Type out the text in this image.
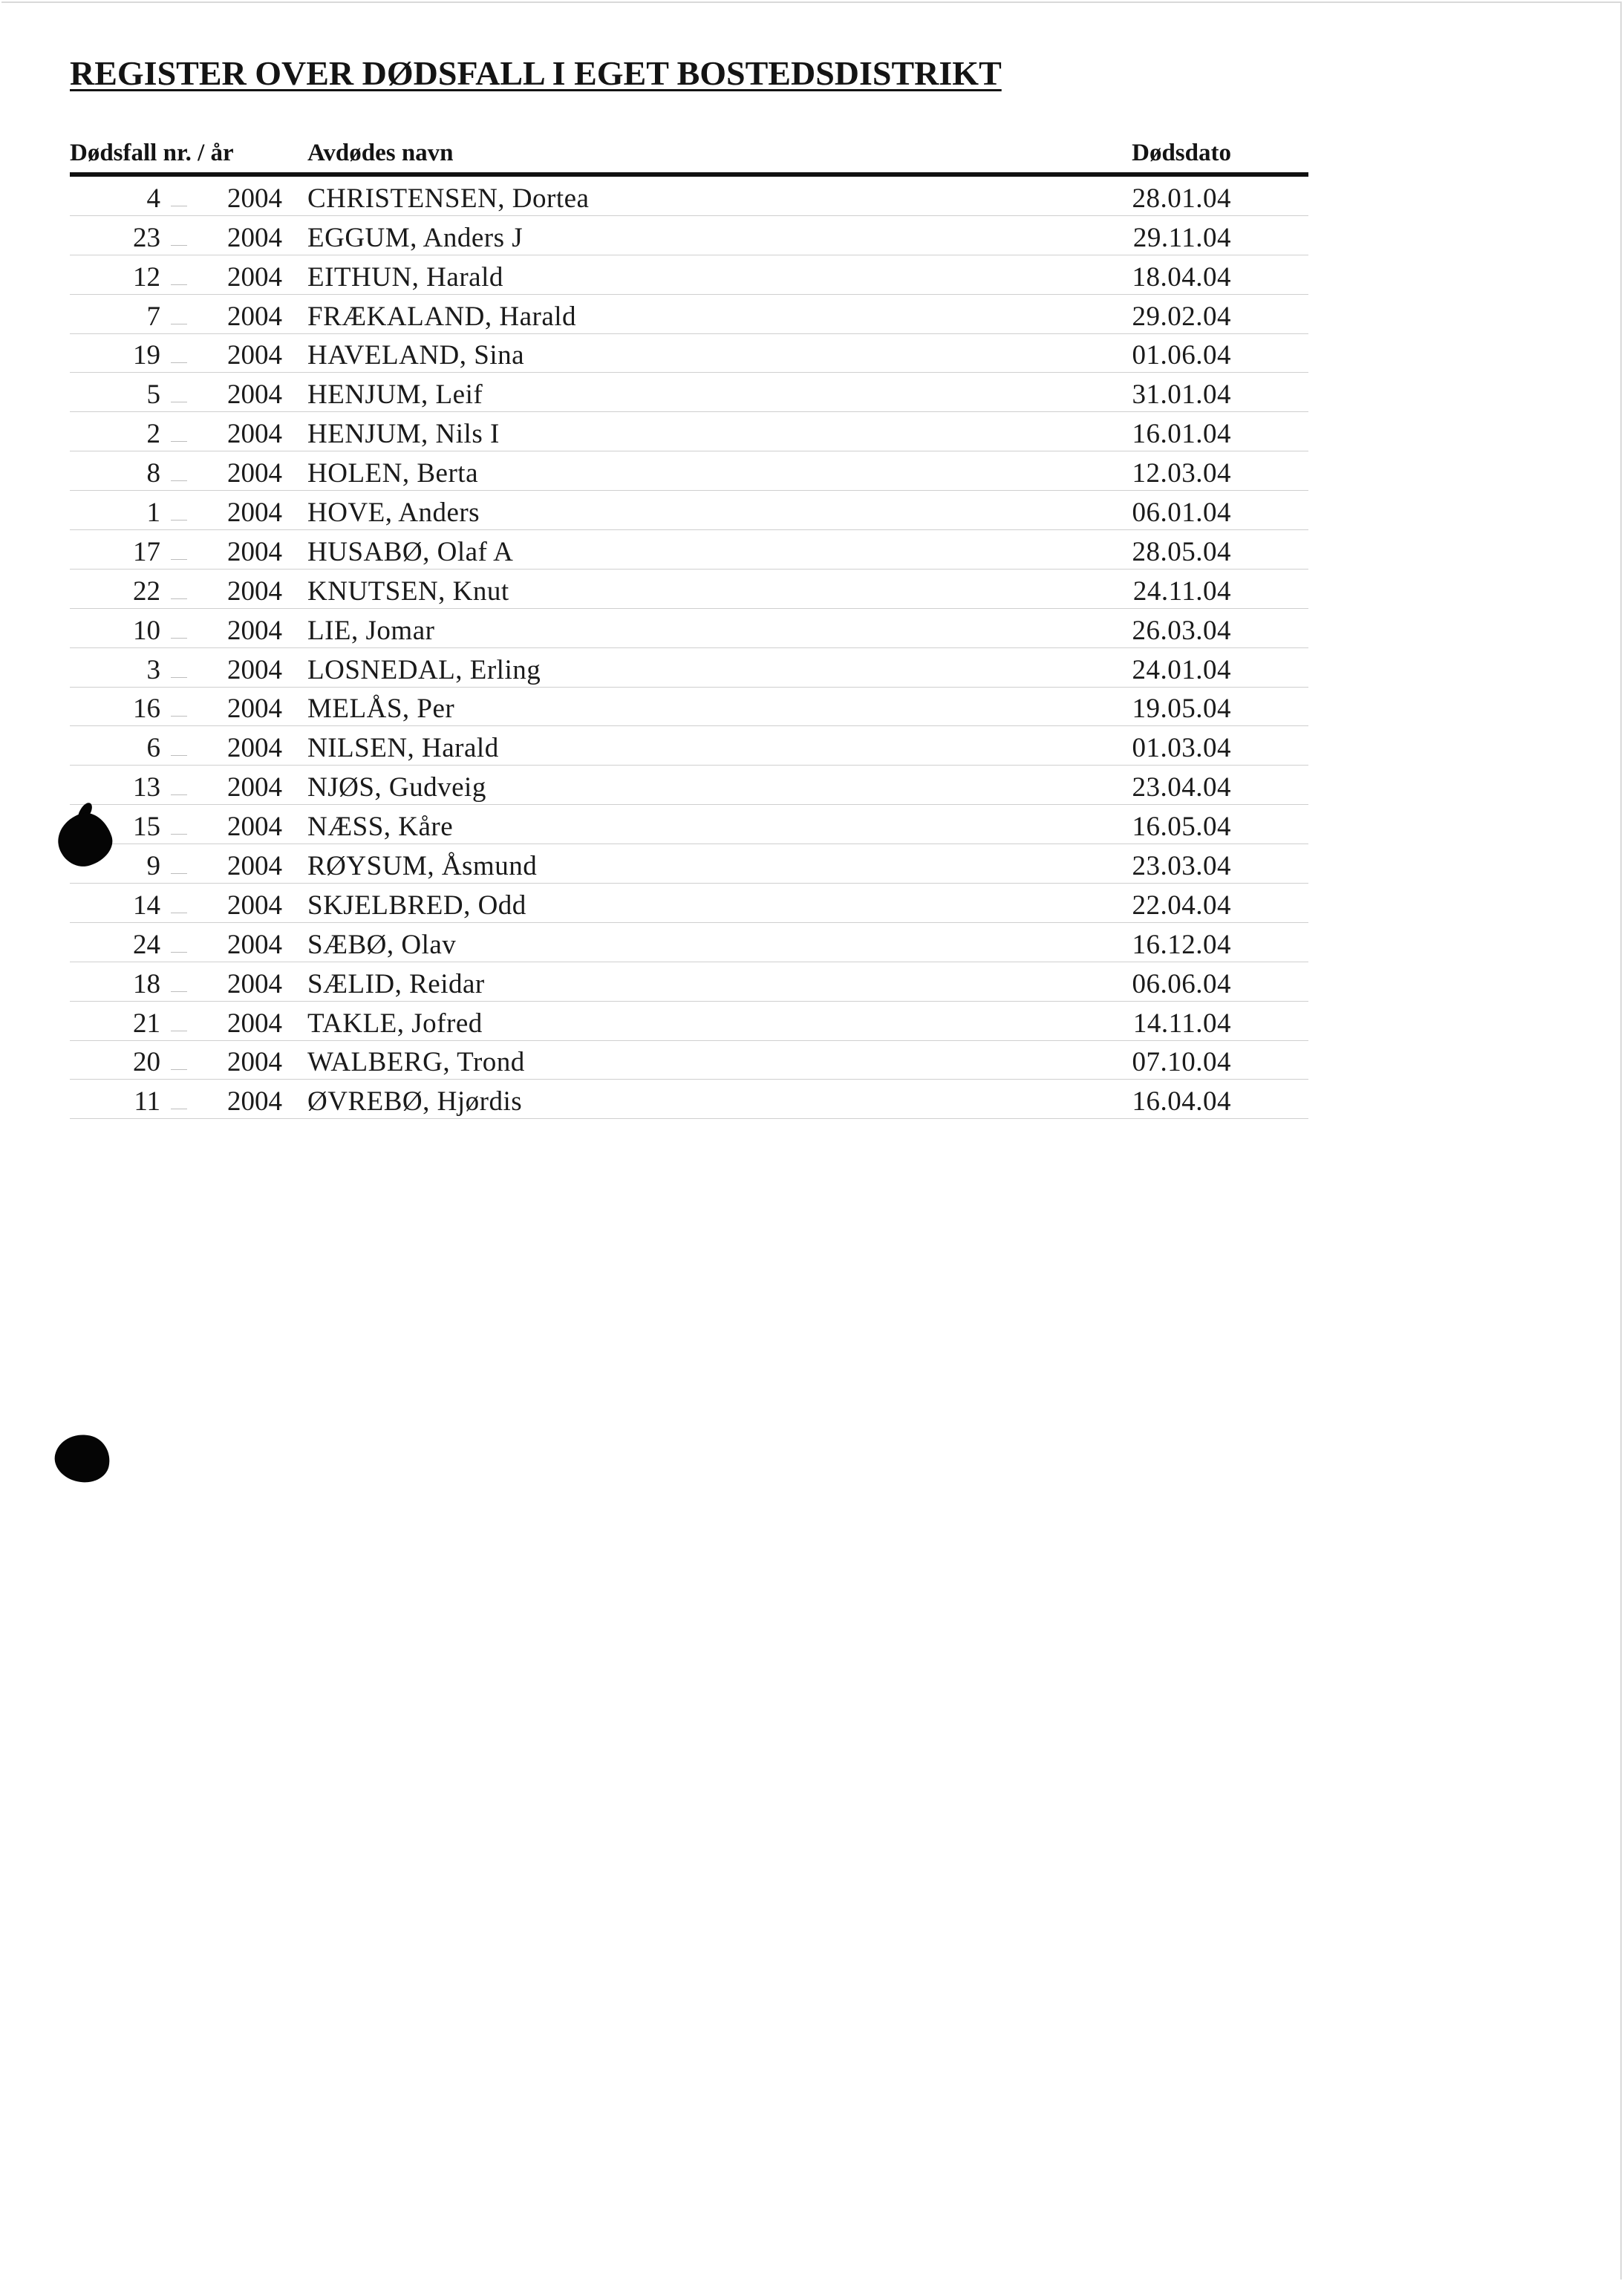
REGISTER OVER DØDSFALL I EGET BOSTEDSDISTRIKT
Dødsfall nr. / år	Avdødes navn	Dødsdato
4 2004 CHRISTENSEN, Dortea	28.01.04
23 2004 EGGUM, Anders J	29.11.04
12 2004 EITHUN, Harald	18.04.04
7 2004 FRÆKALAND, Harald	29.02.04
19 2004 HAVELAND, Sina	01.06.04
5 2004 HENJUM, Leif	31.01.04
2 2004 HENJUM, Nils I	16.01.04
8 2004 HOLEN, Berta	12.03.04
1 2004 HOVE, Anders	06.01.04
17 2004 HUSABØ, Olaf A	28.05.04
22 2004 KNUTSEN, Knut	24.11.04
10 2004 LIE, Jomar	26.03.04
3 2004 LOSNEDAL, Erling	24.01.04
16 2004 MELÅS, Per	19.05.04
6 2004 NILSEN, Harald	01.03.04
13 2004 NJØS, Gudveig	23.04.04
15 2004 NÆSS, Kåre	16.05.04
9 2004 RØYSUM, Åsmund	23.03.04
14 2004 SKJELBRED, Odd	22.04.04
24 2004 SÆBØ, Olav	16.12.04
18 2004 SÆLID, Reidar	06.06.04
21 2004 TAKLE, Jofred	14.11.04
20 2004 WALBERG, Trond	07.10.04
11 2004 ØVREBØ, Hjørdis	16.04.04
